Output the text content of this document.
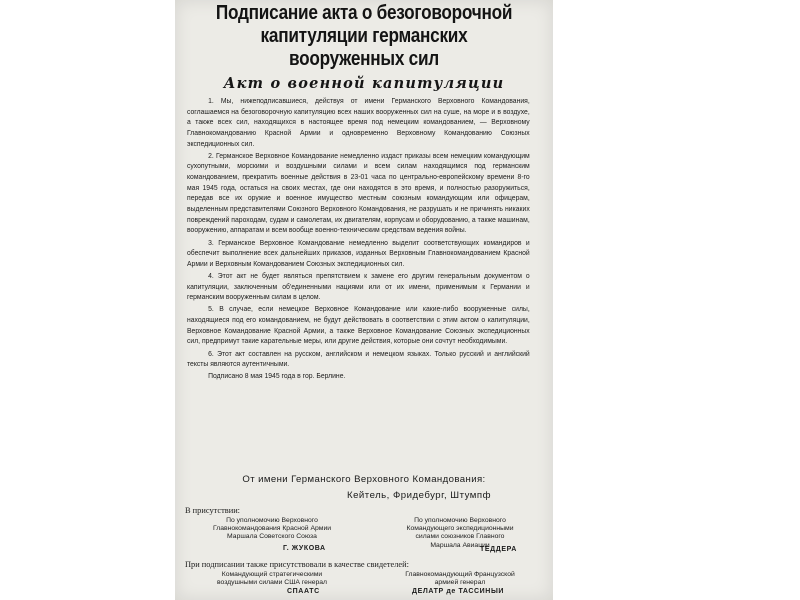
Подписание акта о безоговорочной
капитуляции германских
вооруженных сил
Акт о военной капитуляции

1. Мы, нижеподписавшиеся, действуя от имени Германского Верховного Командования, соглашаемся на безоговорочную капитуляцию всех наших вооруженных сил на суше, на море и в воздухе, а также всех сил, находящихся в настоящее время под немецким командованием, — Верховному Главнокомандованию Красной Армии и одновременно Верховному Командованию Союзных экспедиционных сил.

2. Германское Верховное Командование немедленно издаст приказы всем немецким командующим сухопутными, морскими и воздушными силами и всем силам находящимся под германским командованием, прекратить военные действия в 23-01 часа по центрально-европейскому времени 8-го мая 1945 года, остаться на своих местах, где они находятся в это время, и полностью разоружиться, передав все их оружие и военное имущество местным союзным командующим или офицерам, выделенным представителями Союзного Верховного Командования, не разрушать и не причинять никаких повреждений пароходам, судам и самолетам, их двигателям, корпусам и оборудованию, а также машинам, вооружению, аппаратам и всем вообще военно-техническим средствам ведения войны.

3. Германское Верховное Командование немедленно выделит соответствующих командиров и обеспечит выполнение всех дальнейших приказов, изданных Верховным Главнокомандованием Красной Армии и Верховным Командованием Союзных экспедиционных сил.

4. Этот акт не будет являться препятствием к замене его другим генеральным документом о капитуляции, заключенным об'единенными нациями или от их имени, применимым к Германии и германским вооруженным силам в целом.

5. В случае, если немецкое Верховное Командование или какие-либо вооруженные силы, находящиеся под его командованием, не будут действовать в соответствии с этим актом о капитуляции, Верховное Командование Красной Армии, а также Верховное Командование Союзных экспедиционных сил, предпримут такие карательные меры, или другие действия, которые они сочтут необходимыми.

6. Этот акт составлен на русском, английском и немецком языках. Только русский и английский тексты являются аутентичными.

Подписано 8 мая 1945 года в гор. Берлине.

От имени Германского Верховного Командования:
Кейтель, Фридебург, Штумпф
В присутствии:
По уполномочию Верховного
Главнокомандования Красной Армии
Маршала Советского Союза
Г. ЖУКОВА
По уполномочию Верховного
Командующего экспедиционными
силами союзников Главного
Маршала Авиации
ТЕДДЕРА
При подписании также присутствовали в качестве свидетелей:
Командующий стратегическими
воздушными силами США генерал
СПААТС
Главнокомандующий Французской
армией генерал
ДЕЛАТР де ТАССИНЫИ
